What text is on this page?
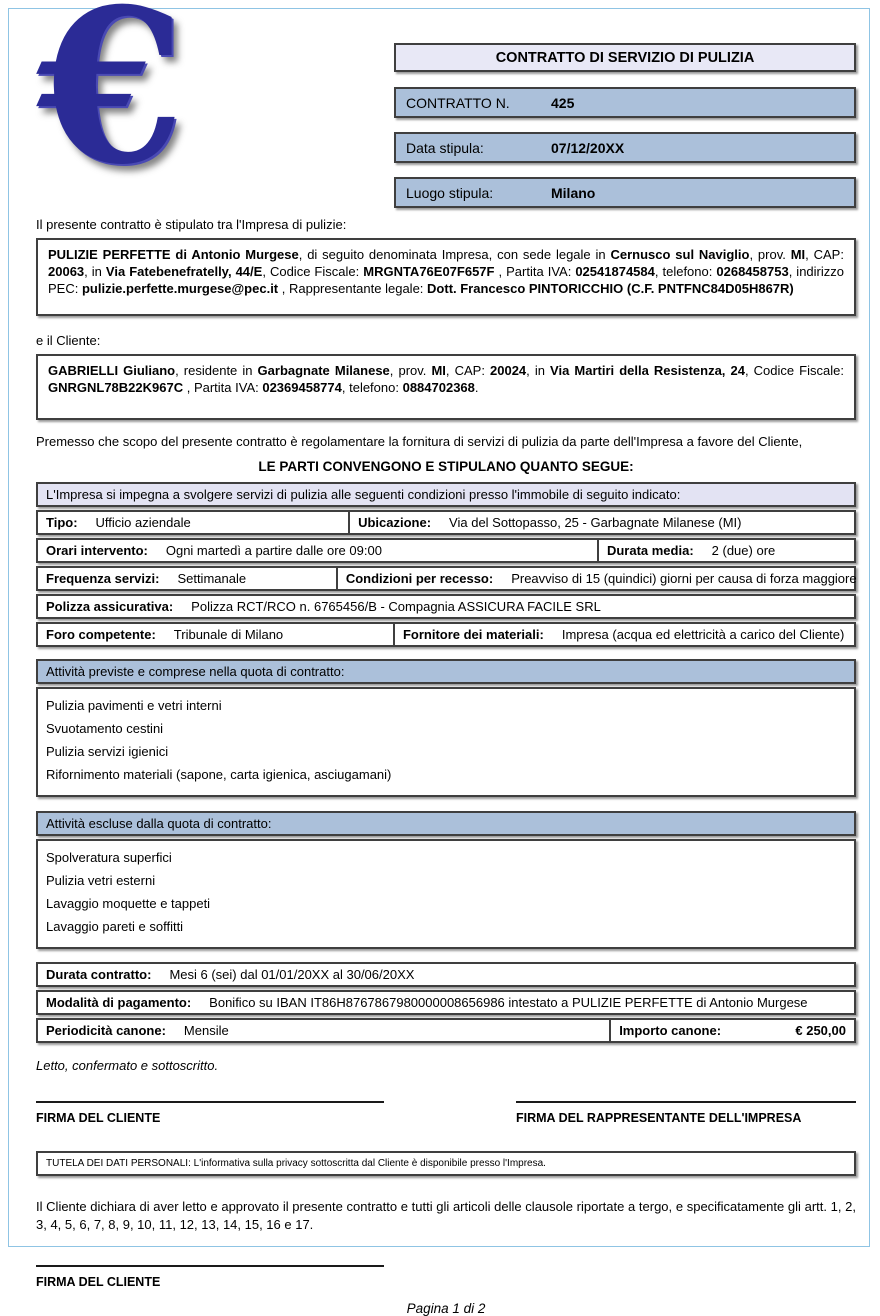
€	CONTRATTO DI SERVIZIO DI PULIZIA
CONTRATTO N.	425
Data stipula:	07/12/20XX
Luogo stipula:	Milano

Il presente contratto è stipulato tra l'Impresa di pulizie:

PULIZIE PERFETTE di Antonio Murgese, di seguito denominata Impresa, con sede legale in Cernusco sul Naviglio, prov. MI, CAP: 20063, in Via Fatebenefratelly, 44/E, Codice Fiscale: MRGNTA76E07F657F , Partita IVA: 02541874584, telefono: 0268458753, indirizzo PEC: pulizie.perfette.murgese@pec.it , Rappresentante legale: Dott. Francesco PINTORICCHIO (C.F. PNTFNC84D05H867R)

e il Cliente:

GABRIELLI Giuliano, residente in Garbagnate Milanese, prov. MI, CAP: 20024, in Via Martiri della Resistenza, 24, Codice Fiscale: GNRGNL78B22K967C , Partita IVA: 02369458774, telefono: 0884702368.

Premesso che scopo del presente contratto è regolamentare la fornitura di servizi di pulizia da parte dell'Impresa a favore del Cliente,

LE PARTI CONVENGONO E STIPULANO QUANTO SEGUE:

L'Impresa si impegna a svolgere servizi di pulizia alle seguenti condizioni presso l'immobile di seguito indicato:
Tipo: Ufficio aziendale	Ubicazione: Via del Sottopasso, 25 - Garbagnate Milanese (MI)
Orari intervento: Ogni martedì a partire dalle ore 09:00	Durata media: 2 (due) ore
Frequenza servizi: Settimanale	Condizioni per recesso: Preavviso di 15 (quindici) giorni per causa di forza maggiore
Polizza assicurativa: Polizza RCT/RCO n. 6765456/B - Compagnia ASSICURA FACILE SRL
Foro competente: Tribunale di Milano	Fornitore dei materiali: Impresa (acqua ed elettricità a carico del Cliente)
Attività previste e comprese nella quota di contratto:
Pulizia pavimenti e vetri interni
Svuotamento cestini
Pulizia servizi igienici
Rifornimento materiali (sapone, carta igienica, asciugamani)
Attività escluse dalla quota di contratto:
Spolveratura superfici
Pulizia vetri esterni
Lavaggio moquette e tappeti
Lavaggio pareti e soffitti
Durata contratto: Mesi 6 (sei) dal 01/01/20XX al 30/06/20XX
Modalità di pagamento: Bonifico su IBAN IT86H8767867980000008656986 intestato a PULIZIE PERFETTE di Antonio Murgese
Periodicità canone: Mensile	Importo canone:	€ 250,00

Letto, confermato e sottoscritto.

FIRMA DEL CLIENTE	FIRMA DEL RAPPRESENTANTE DELL'IMPRESA
TUTELA DEI DATI PERSONALI: L'informativa sulla privacy sottoscritta dal Cliente è disponibile presso l'Impresa.

Il Cliente dichiara di aver letto e approvato il presente contratto e tutti gli articoli delle clausole riportate a tergo, e specificatamente gli artt. 1, 2, 3, 4, 5, 6, 7, 8, 9, 10, 11, 12, 13, 14, 15, 16 e 17.

FIRMA DEL CLIENTE
Pagina 1 di 2
